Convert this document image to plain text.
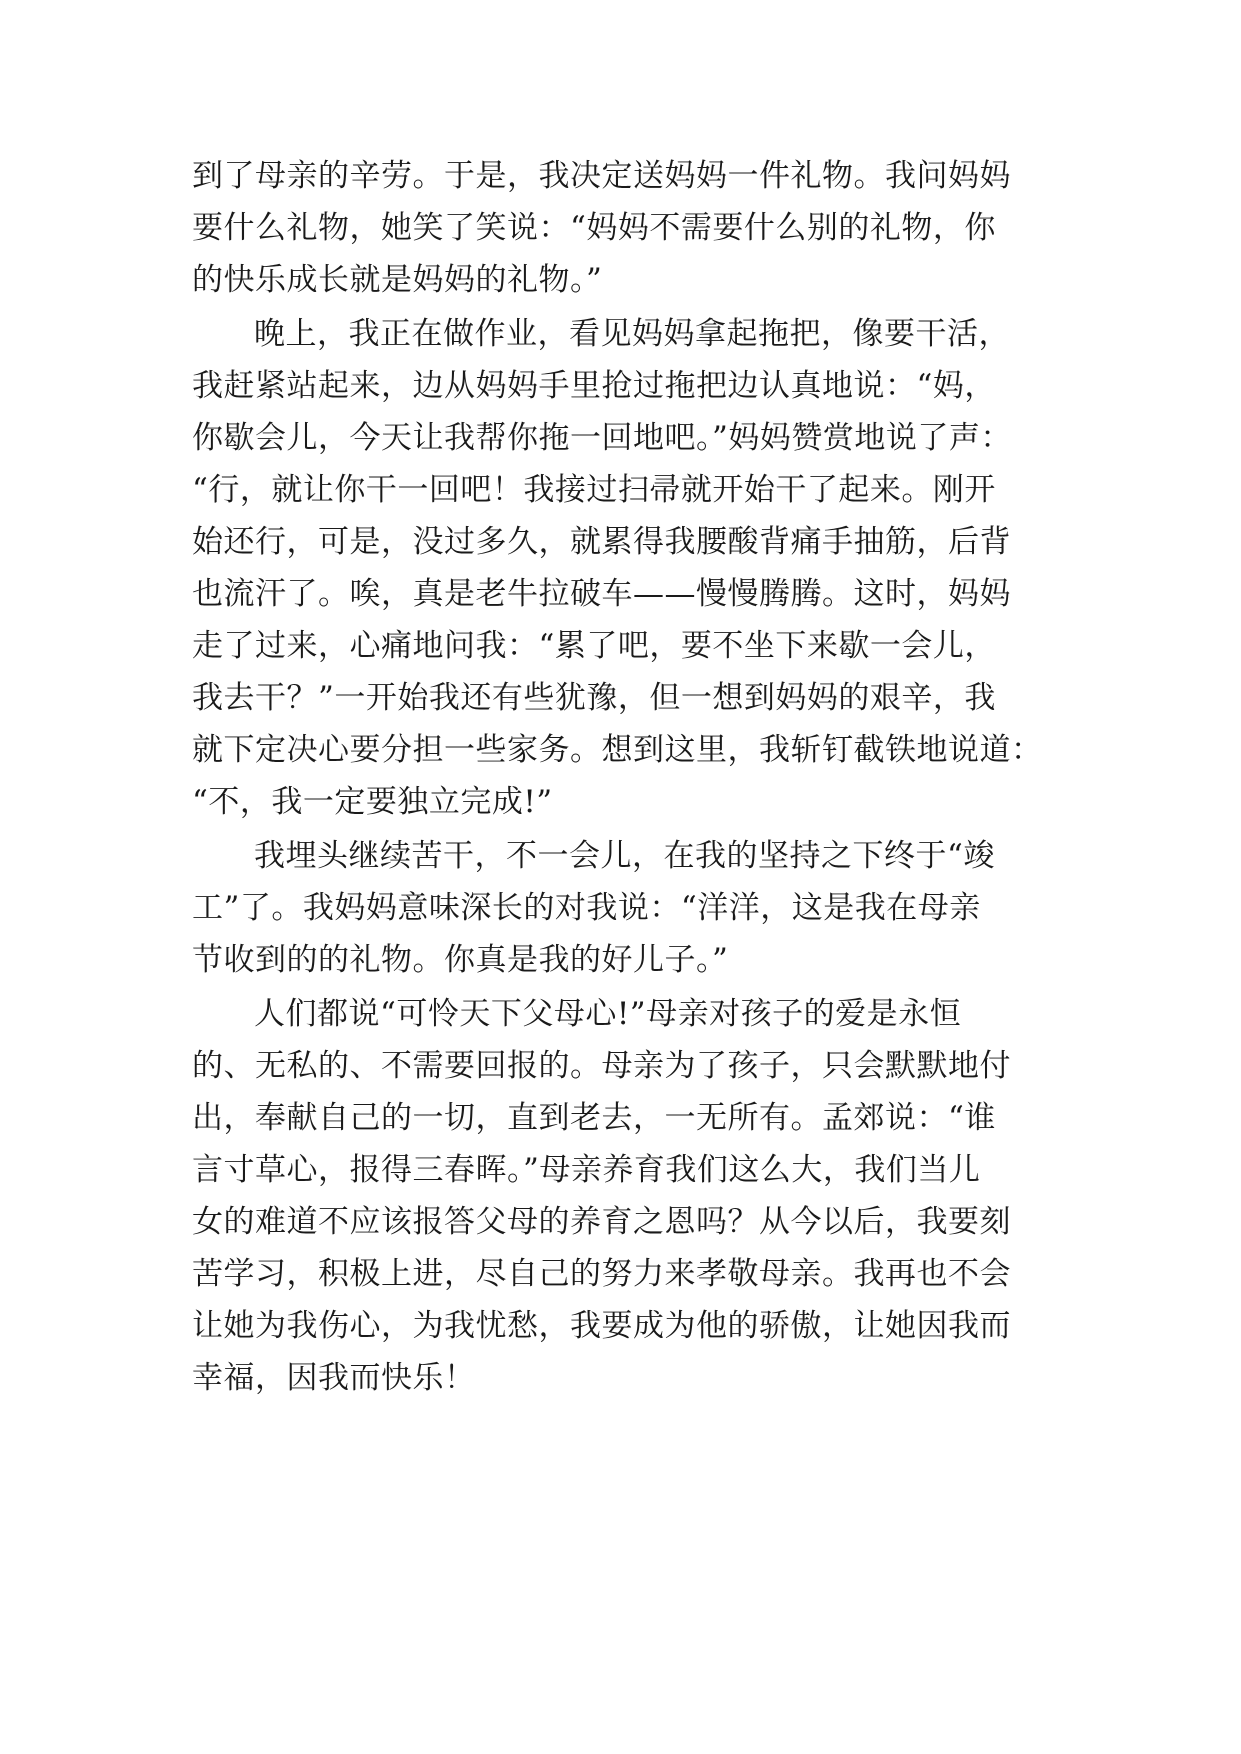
到了母亲的辛劳。于是，我决定送妈妈一件礼物。我问妈妈
要什么礼物，她笑了笑说：“妈妈不需要什么别的礼物，你
的快乐成长就是妈妈的礼物。”
晚上，我正在做作业，看见妈妈拿起拖把，像要干活，
我赶紧站起来，边从妈妈手里抢过拖把边认真地说：“妈，
你歇会儿，今天让我帮你拖一回地吧。”妈妈赞赏地说了声：
“行，就让你干一回吧！我接过扫帚就开始干了起来。刚开
始还行，可是，没过多久，就累得我腰酸背痛手抽筋，后背
也流汗了。唉，真是老牛拉破车——慢慢腾腾。这时，妈妈
走了过来，心痛地问我：“累了吧，要不坐下来歇一会儿，
我去干？”一开始我还有些犹豫，但一想到妈妈的艰辛，我
就下定决心要分担一些家务。想到这里，我斩钉截铁地说道：
“不，我一定要独立完成!”
我埋头继续苦干，不一会儿，在我的坚持之下终于“竣
工”了。我妈妈意味深长的对我说：“洋洋，这是我在母亲
节收到的的礼物。你真是我的好儿子。”
人们都说“可怜天下父母心!”母亲对孩子的爱是永恒
的、无私的、不需要回报的。母亲为了孩子，只会默默地付
出，奉献自己的一切，直到老去，一无所有。孟郊说：“谁
言寸草心，报得三春晖。”母亲养育我们这么大，我们当儿
女的难道不应该报答父母的养育之恩吗？从今以后，我要刻
苦学习，积极上进，尽自己的努力来孝敬母亲。我再也不会
让她为我伤心，为我忧愁，我要成为他的骄傲，让她因我而
幸福，因我而快乐！
